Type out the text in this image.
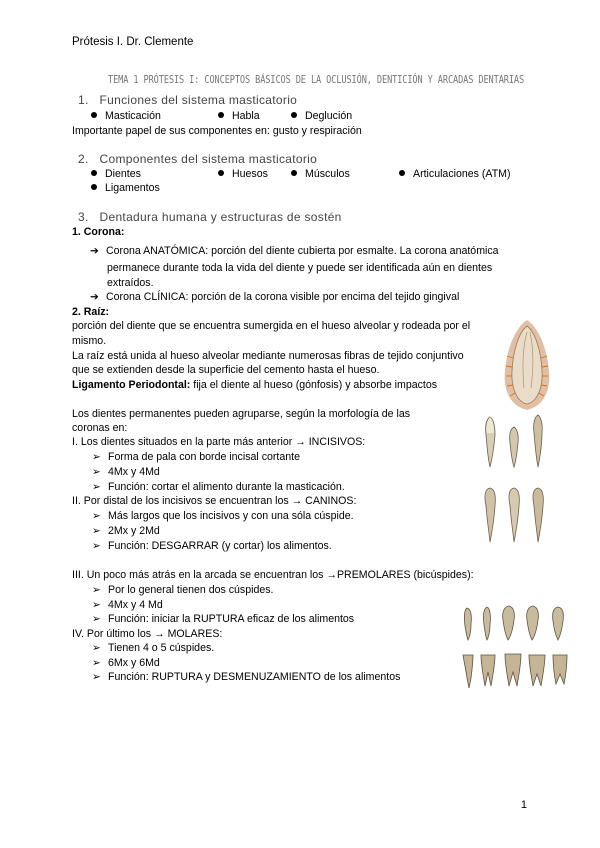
Prótesis I. Dr. Clemente
TEMA 1 PRÓTESIS I: CONCEPTOS BÁSICOS DE LA OCLUSIÓN, DENTICIÓN Y ARCADAS DENTARIAS
1. Funciones del sistema masticatorio
Masticación	Habla	Deglución
Importante papel de sus componentes en: gusto y respiración
2. Componentes del sistema masticatorio
Dientes	Huesos	Músculos	Articulaciones (ATM)
Ligamentos
3. Dentadura humana y estructuras de sostén
1. Corona:
➔ Corona ANATÓMICA: porción del diente cubierta por esmalte. La corona anatómica
permanece durante toda la vida del diente y puede ser identificada aún en dientes
extraídos.
➔ Corona CLÍNICA: porción de la corona visible por encima del tejido gingival
2. Raíz:
porción del diente que se encuentra sumergida en el hueso alveolar y rodeada por el
mismo.
La raíz está unida al hueso alveolar mediante numerosas fibras de tejido conjuntivo
que se extienden desde la superficie del cemento hasta el hueso.
Ligamento Periodontal: fija el diente al hueso (gónfosis) y absorbe impactos
Los dientes permanentes pueden agruparse, según la morfología de las
coronas en:
I. Los dientes situados en la parte más anterior → INCISIVOS:
➢ Forma de pala con borde incisal cortante
➢ 4Mx y 4Md
➢ Función: cortar el alimento durante la masticación.
II. Por distal de los incisivos se encuentran los → CANINOS:
➢ Más largos que los incisivos y con una sóla cúspide.
➢ 2Mx y 2Md
➢ Función: DESGARRAR (y cortar) los alimentos.
III. Un poco más atrás en la arcada se encuentran los →PREMOLARES (bicúspides):
➢ Por lo general tienen dos cúspides.
➢ 4Mx y 4 Md
➢ Función: iniciar la RUPTURA eficaz de los alimentos
IV. Por último los → MOLARES:
➢ Tienen 4 o 5 cúspides.
➢ 6Mx y 6Md
➢ Función: RUPTURA y DESMENUZAMIENTO de los alimentos
1
